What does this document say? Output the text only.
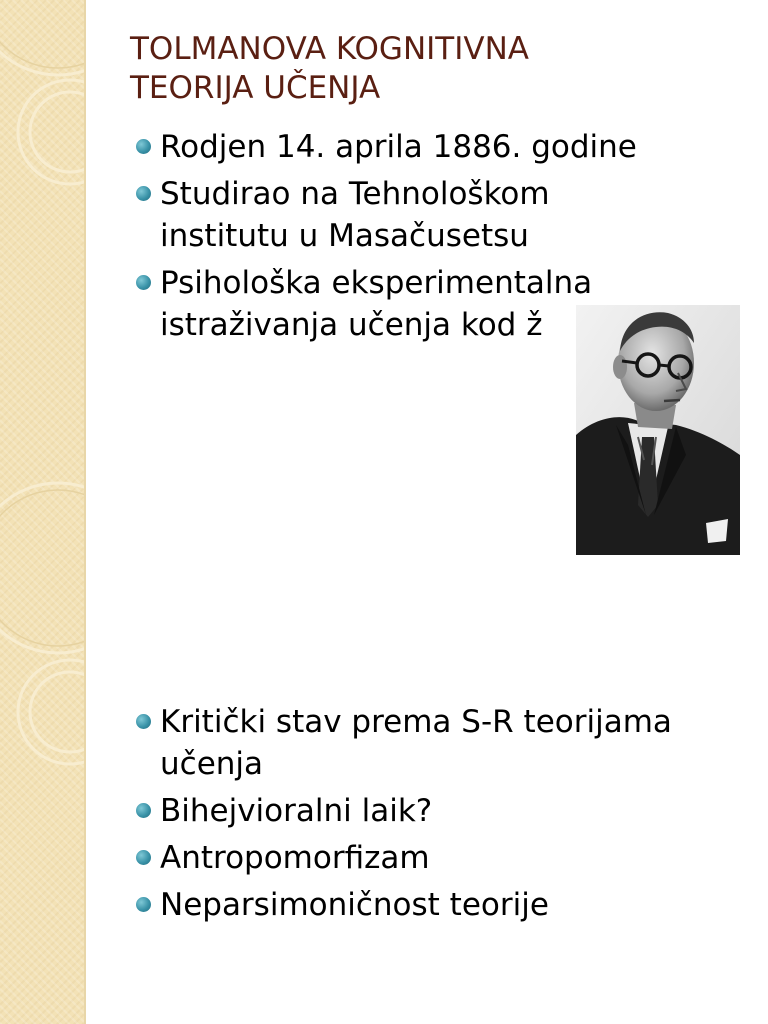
TOLMANOVA KOGNITIVNA
TEORIJA UČENJA
Rodjen 14. aprila 1886. godine
Studirao na Tehnološkom
institutu u Masačusetsu
Psihološka eksperimentalna
istraživanja učenja kod ž
Kritički stav prema S-R teorijama
učenja
Bihejvioralni laik?
Antropomorfizam
Neparsimoničnost teorije
